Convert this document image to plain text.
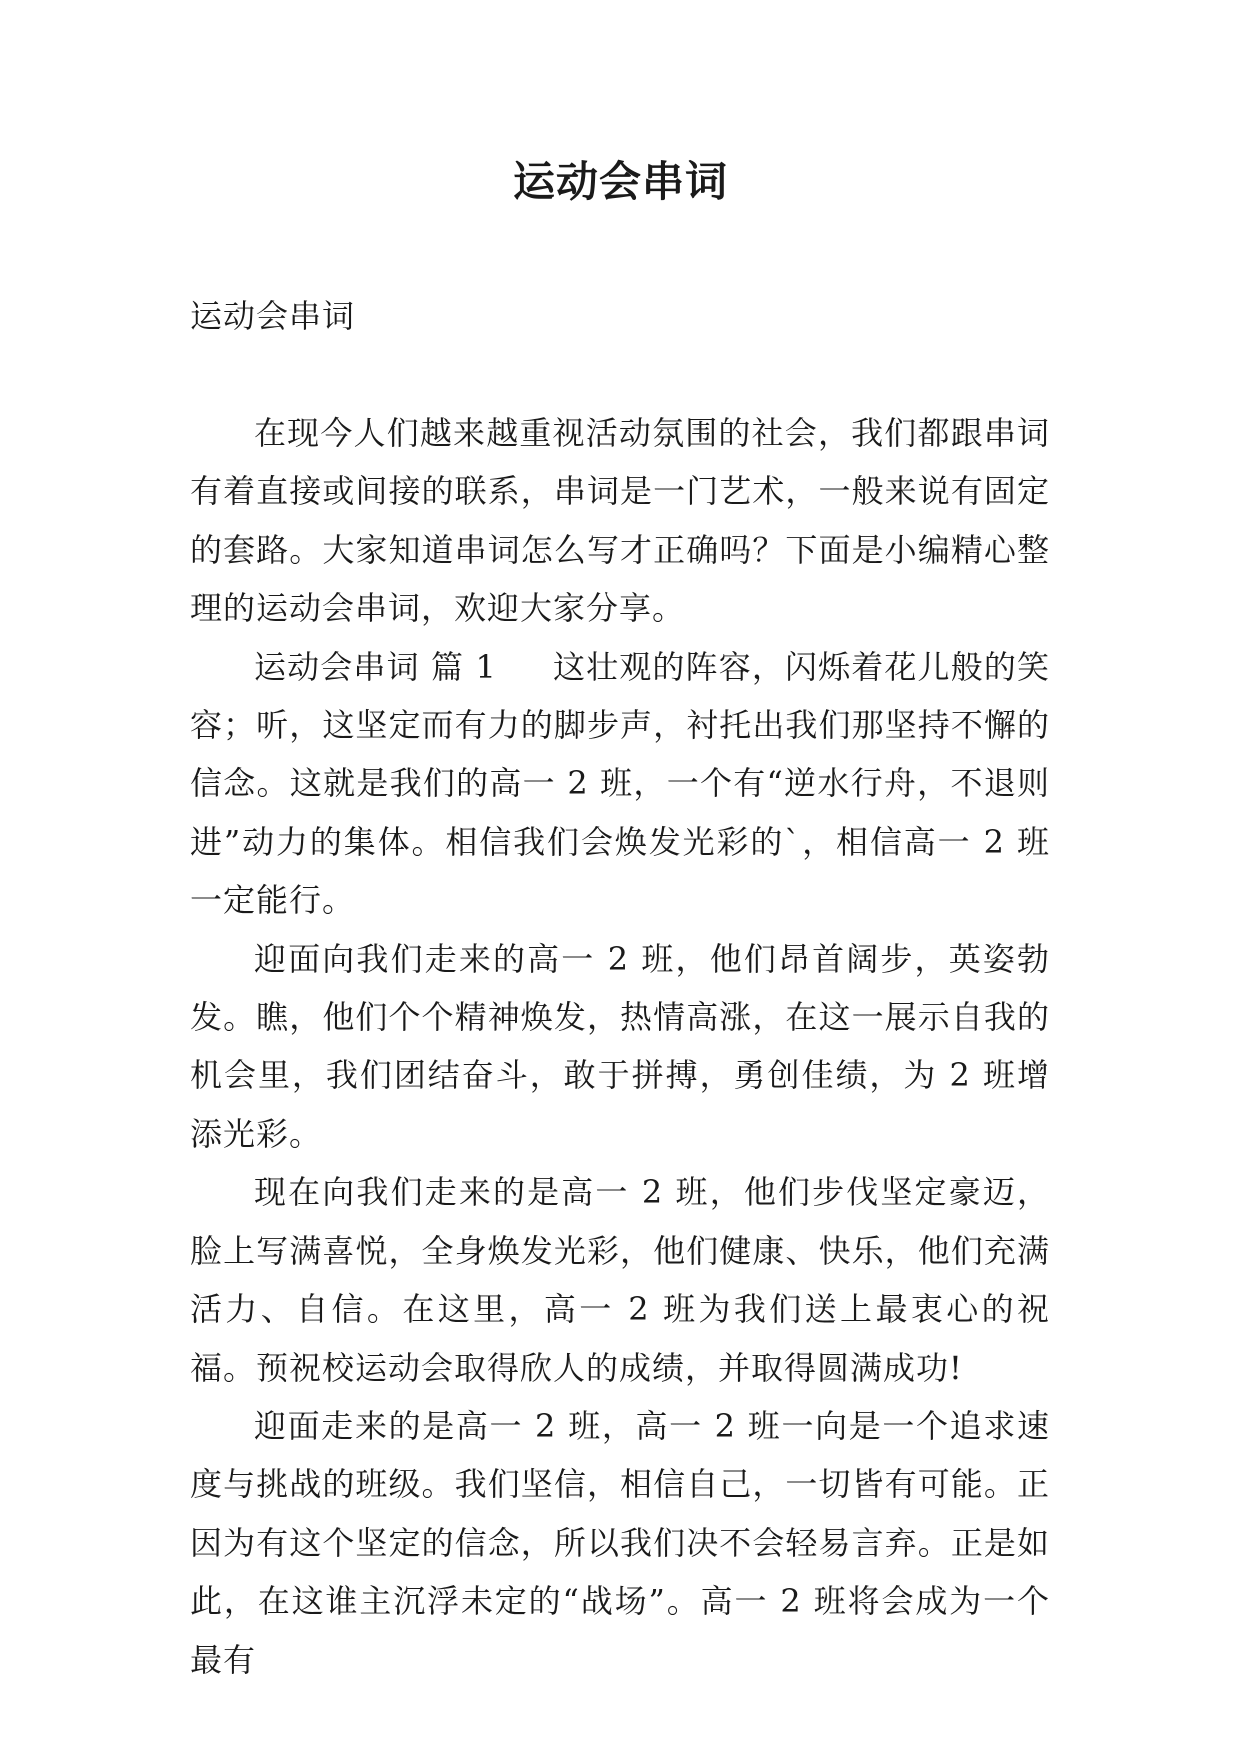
运动会串词

运动会串词

在现今人们越来越重视活动氛围的社会，我们都跟串词有着直接或间接的联系，串词是一门艺术，一般来说有固定的套路。大家知道串词怎么写才正确吗？下面是小编精心整理的运动会串词，欢迎大家分享。

运动会串词 篇 1 这壮观的阵容，闪烁着花儿般的笑容；听，这坚定而有力的脚步声，衬托出我们那坚持不懈的信念。这就是我们的高一 2 班，一个有“逆水行舟，不退则进”动力的集体。相信我们会焕发光彩的`，相信高一 2 班一定能行。

迎面向我们走来的高一 2 班，他们昂首阔步，英姿勃发。瞧，他们个个精神焕发，热情高涨，在这一展示自我的机会里，我们团结奋斗，敢于拼搏，勇创佳绩，为 2 班增添光彩。

现在向我们走来的是高一 2 班，他们步伐坚定豪迈，脸上写满喜悦，全身焕发光彩，他们健康、快乐，他们充满活力、自信。在这里，高一 2 班为我们送上最衷心的祝福。预祝校运动会取得欣人的成绩，并取得圆满成功!

迎面走来的是高一 2 班，高一 2 班一向是一个追求速度与挑战的班级。我们坚信，相信自己，一切皆有可能。正因为有这个坚定的信念，所以我们决不会轻易言弃。正是如此，在这谁主沉浮未定的“战场”。高一 2 班将会成为一个最有
